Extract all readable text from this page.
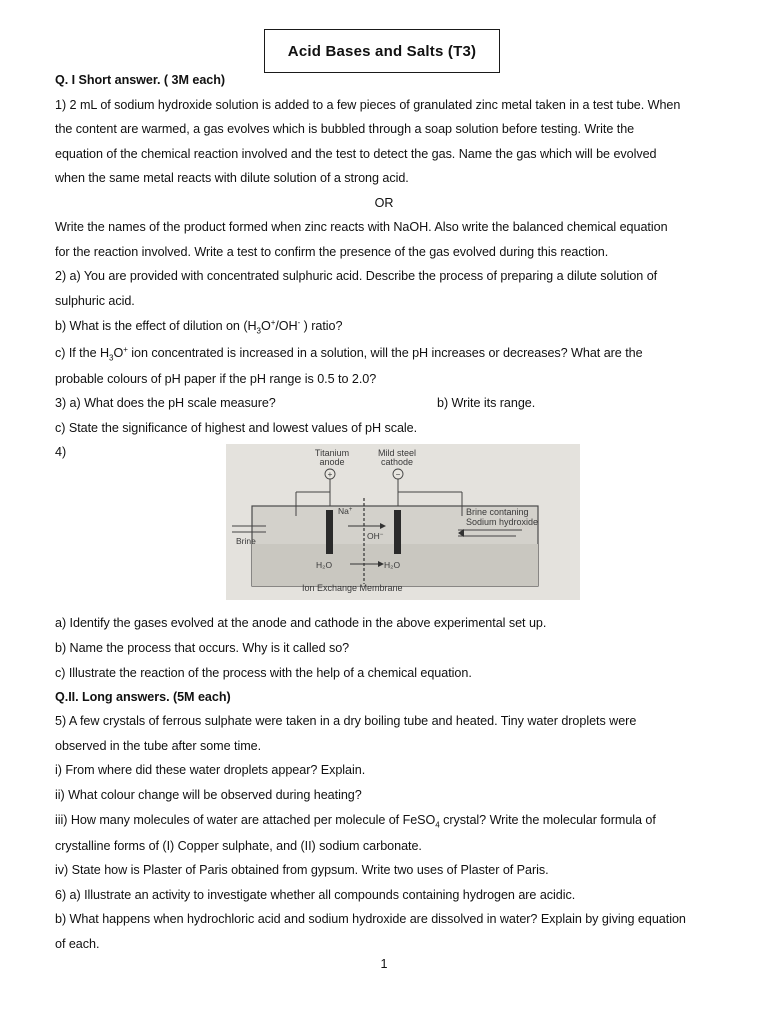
Acid Bases and Salts (T3)
Q. I Short answer. ( 3M each)
1) 2 mL of sodium hydroxide solution is added to a few pieces of granulated zinc metal taken in a test tube. When
the content are warmed, a gas evolves which is bubbled through a soap solution before testing. Write the
equation of the chemical reaction involved and the test to detect the gas. Name the gas which will be evolved
when the same metal reacts with dilute solution of a strong acid.
OR
Write the names of the product formed when zinc reacts with NaOH. Also write the balanced chemical equation
for the reaction involved. Write a test to confirm the presence of the gas evolved during this reaction.
2) a) You are provided with concentrated sulphuric acid. Describe the process of preparing a dilute solution of
sulphuric acid.
b) What is the effect of dilution on ($H_3O^+/OH^-$ ) ratio?
c) If the $H_3O^+$ ion concentrated is increased in a solution, will the pH increases or decreases? What are the
probable colours of pH paper if the pH range is 0.5 to 2.0?
3) a) What does the pH scale measure?	b) Write its range.
c) State the significance of highest and lowest values of pH scale.
4)
+	−
Titanium
anode
Mild steel
cathode
Na+
OH−
H₂O	H₂O
Brine
Brine contaning
Sodium hydroxide
Ion Exchange Membrane
a) Identify the gases evolved at the anode and cathode in the above experimental set up.
b) Name the process that occurs. Why is it called so?
c) Illustrate the reaction of the process with the help of a chemical equation.
Q.II. Long answers. (5M each)
5) A few crystals of ferrous sulphate were taken in a dry boiling tube and heated. Tiny water droplets were
observed in the tube after some time.
i) From where did these water droplets appear? Explain.
ii) What colour change will be observed during heating?
iii) How many molecules of water are attached per molecule of FeSO$_4$ crystal? Write the molecular formula of
crystalline forms of (I) Copper sulphate, and (II) sodium carbonate.
iv) State how is Plaster of Paris obtained from gypsum. Write two uses of Plaster of Paris.
6) a) Illustrate an activity to investigate whether all compounds containing hydrogen are acidic.
b) What happens when hydrochloric acid and sodium hydroxide are dissolved in water? Explain by giving equation
of each.
1
